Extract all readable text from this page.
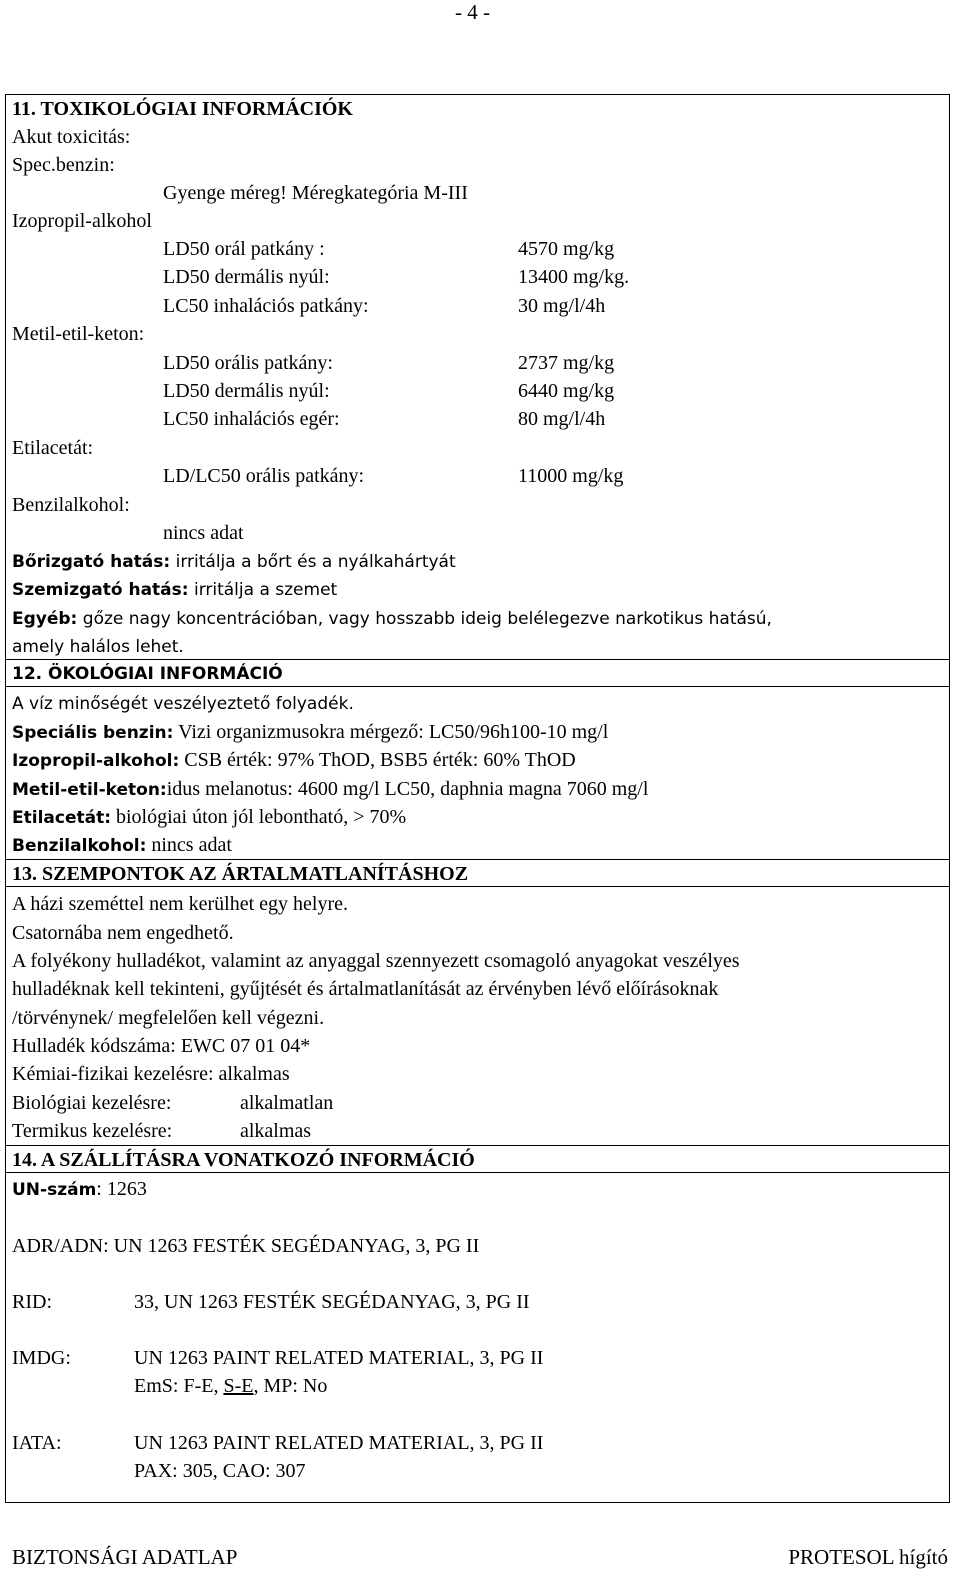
- 4 -
11. TOXIKOLÓGIAI INFORMÁCIÓK
Akut toxicitás:
Spec.benzin:
Gyenge méreg! Méregkategória M-III
Izopropil-alkohol
LD50 orál patkány :	4570 mg/kg
LD50 dermális nyúl:	13400 mg/kg.
LC50 inhalációs patkány:	30 mg/l/4h
Metil-etil-keton:
LD50 orális patkány:	2737 mg/kg
LD50 dermális nyúl:	6440 mg/kg
LC50 inhalációs egér:	80 mg/l/4h
Etilacetát:
LD/LC50 orális patkány:	11000 mg/kg
Benzilalkohol:
nincs adat
Bőrizgató hatás: irritálja a bőrt és a nyálkahártyát
Szemizgató hatás: irritálja a szemet
Egyéb: gőze nagy koncentrációban, vagy hosszabb ideig belélegezve narkotikus hatású,
amely halálos lehet.
12. ÖKOLÓGIAI INFORMÁCIÓ
A víz minőségét veszélyeztető folyadék.
Speciális benzin: Vizi organizmusokra mérgező: LC50/96h100-10 mg/l
Izopropil-alkohol: CSB érték: 97% ThOD, BSB5 érték: 60% ThOD
Metil-etil-keton:idus melanotus: 4600 mg/l LC50, daphnia magna 7060 mg/l
Etilacetát: biológiai úton jól lebontható, > 70%
Benzilalkohol: nincs adat
13. SZEMPONTOK AZ ÁRTALMATLANÍTÁSHOZ
A házi szeméttel nem kerülhet egy helyre.
Csatornába nem engedhető.
A folyékony hulladékot, valamint az anyaggal szennyezett csomagoló anyagokat veszélyes
hulladéknak kell tekinteni, gyűjtését és ártalmatlanítását az érvényben lévő előírásoknak
/törvénynek/ megfelelően kell végezni.
Hulladék kódszáma: EWC 07 01 04*
Kémiai-fizikai kezelésre: alkalmas
Biológiai kezelésre:	alkalmatlan
Termikus kezelésre:	alkalmas
14. A SZÁLLÍTÁSRA VONATKOZÓ INFORMÁCIÓ
UN-szám: 1263
ADR/ADN: UN 1263 FESTÉK SEGÉDANYAG, 3, PG II
RID:	33, UN 1263 FESTÉK SEGÉDANYAG, 3, PG II
IMDG:	UN 1263 PAINT RELATED MATERIAL, 3, PG II
EmS: F-E, S-E, MP: No
IATA:	UN 1263 PAINT RELATED MATERIAL, 3, PG II
PAX: 305, CAO: 307
BIZTONSÁGI ADATLAP	PROTESOL hígító
